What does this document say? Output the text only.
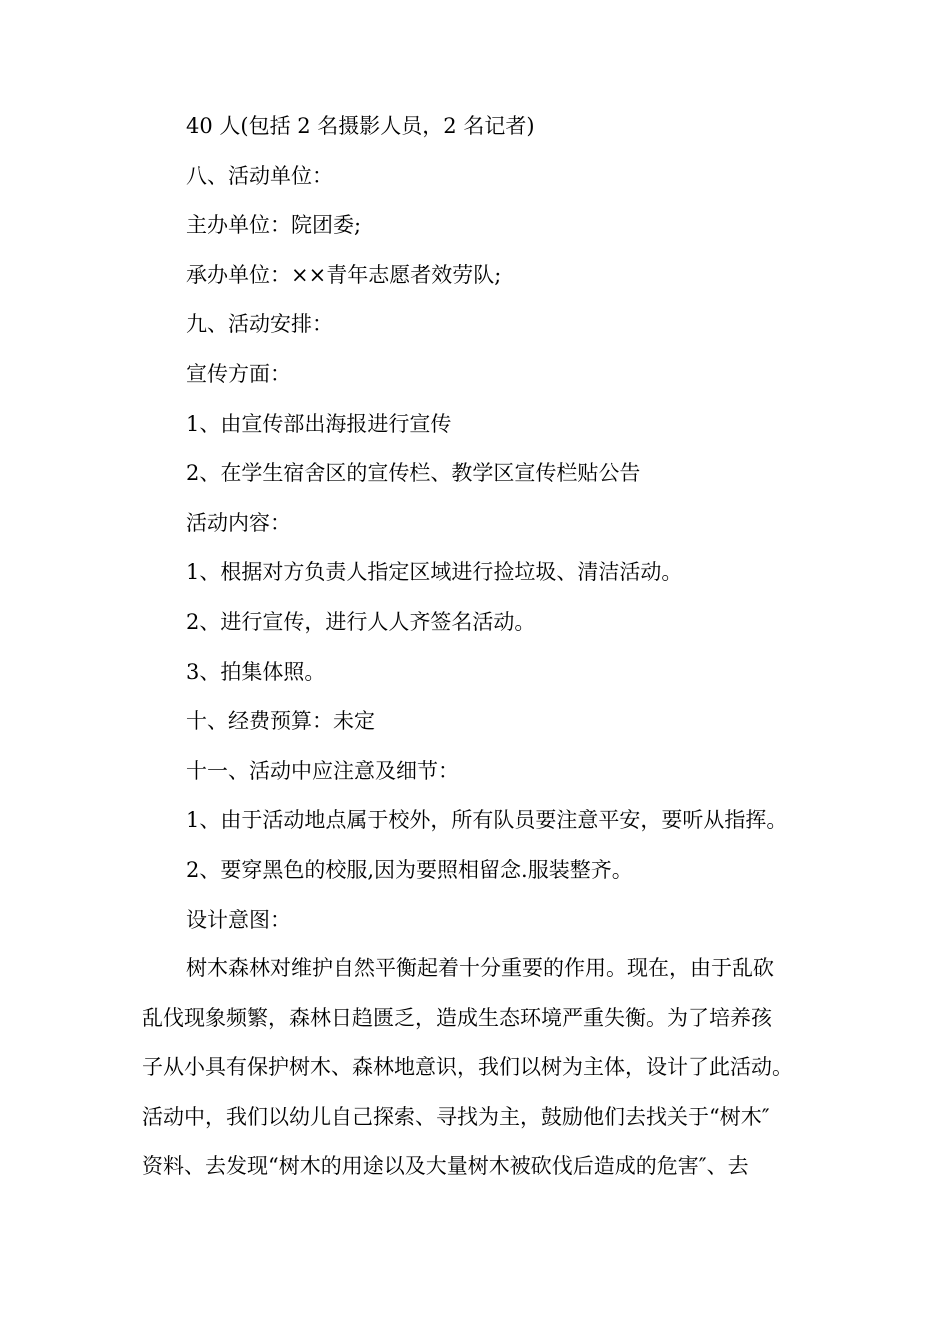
40 人(包括 2 名摄影人员，2 名记者)
八、活动单位：
主办单位：院团委;
承办单位：××青年志愿者效劳队;
九、活动安排：
宣传方面：
1、由宣传部出海报进行宣传
2、在学生宿舍区的宣传栏、教学区宣传栏贴公告
活动内容：
1、根据对方负责人指定区域进行捡垃圾、清洁活动。
2、进行宣传，进行人人齐签名活动。
3、拍集体照。
十、经费预算：未定
十一、活动中应注意及细节：
1、由于活动地点属于校外，所有队员要注意平安，要听从指挥。
2、要穿黑色的校服,因为要照相留念.服装整齐。
设计意图：
树木森林对维护自然平衡起着十分重要的作用。现在，由于乱砍
乱伐现象频繁，森林日趋匮乏，造成生态环境严重失衡。为了培养孩
子从小具有保护树木、森林地意识，我们以树为主体，设计了此活动。
活动中，我们以幼儿自己探索、寻找为主，鼓励他们去找关于“树木″
资料、去发现“树木的用途以及大量树木被砍伐后造成的危害″、去
